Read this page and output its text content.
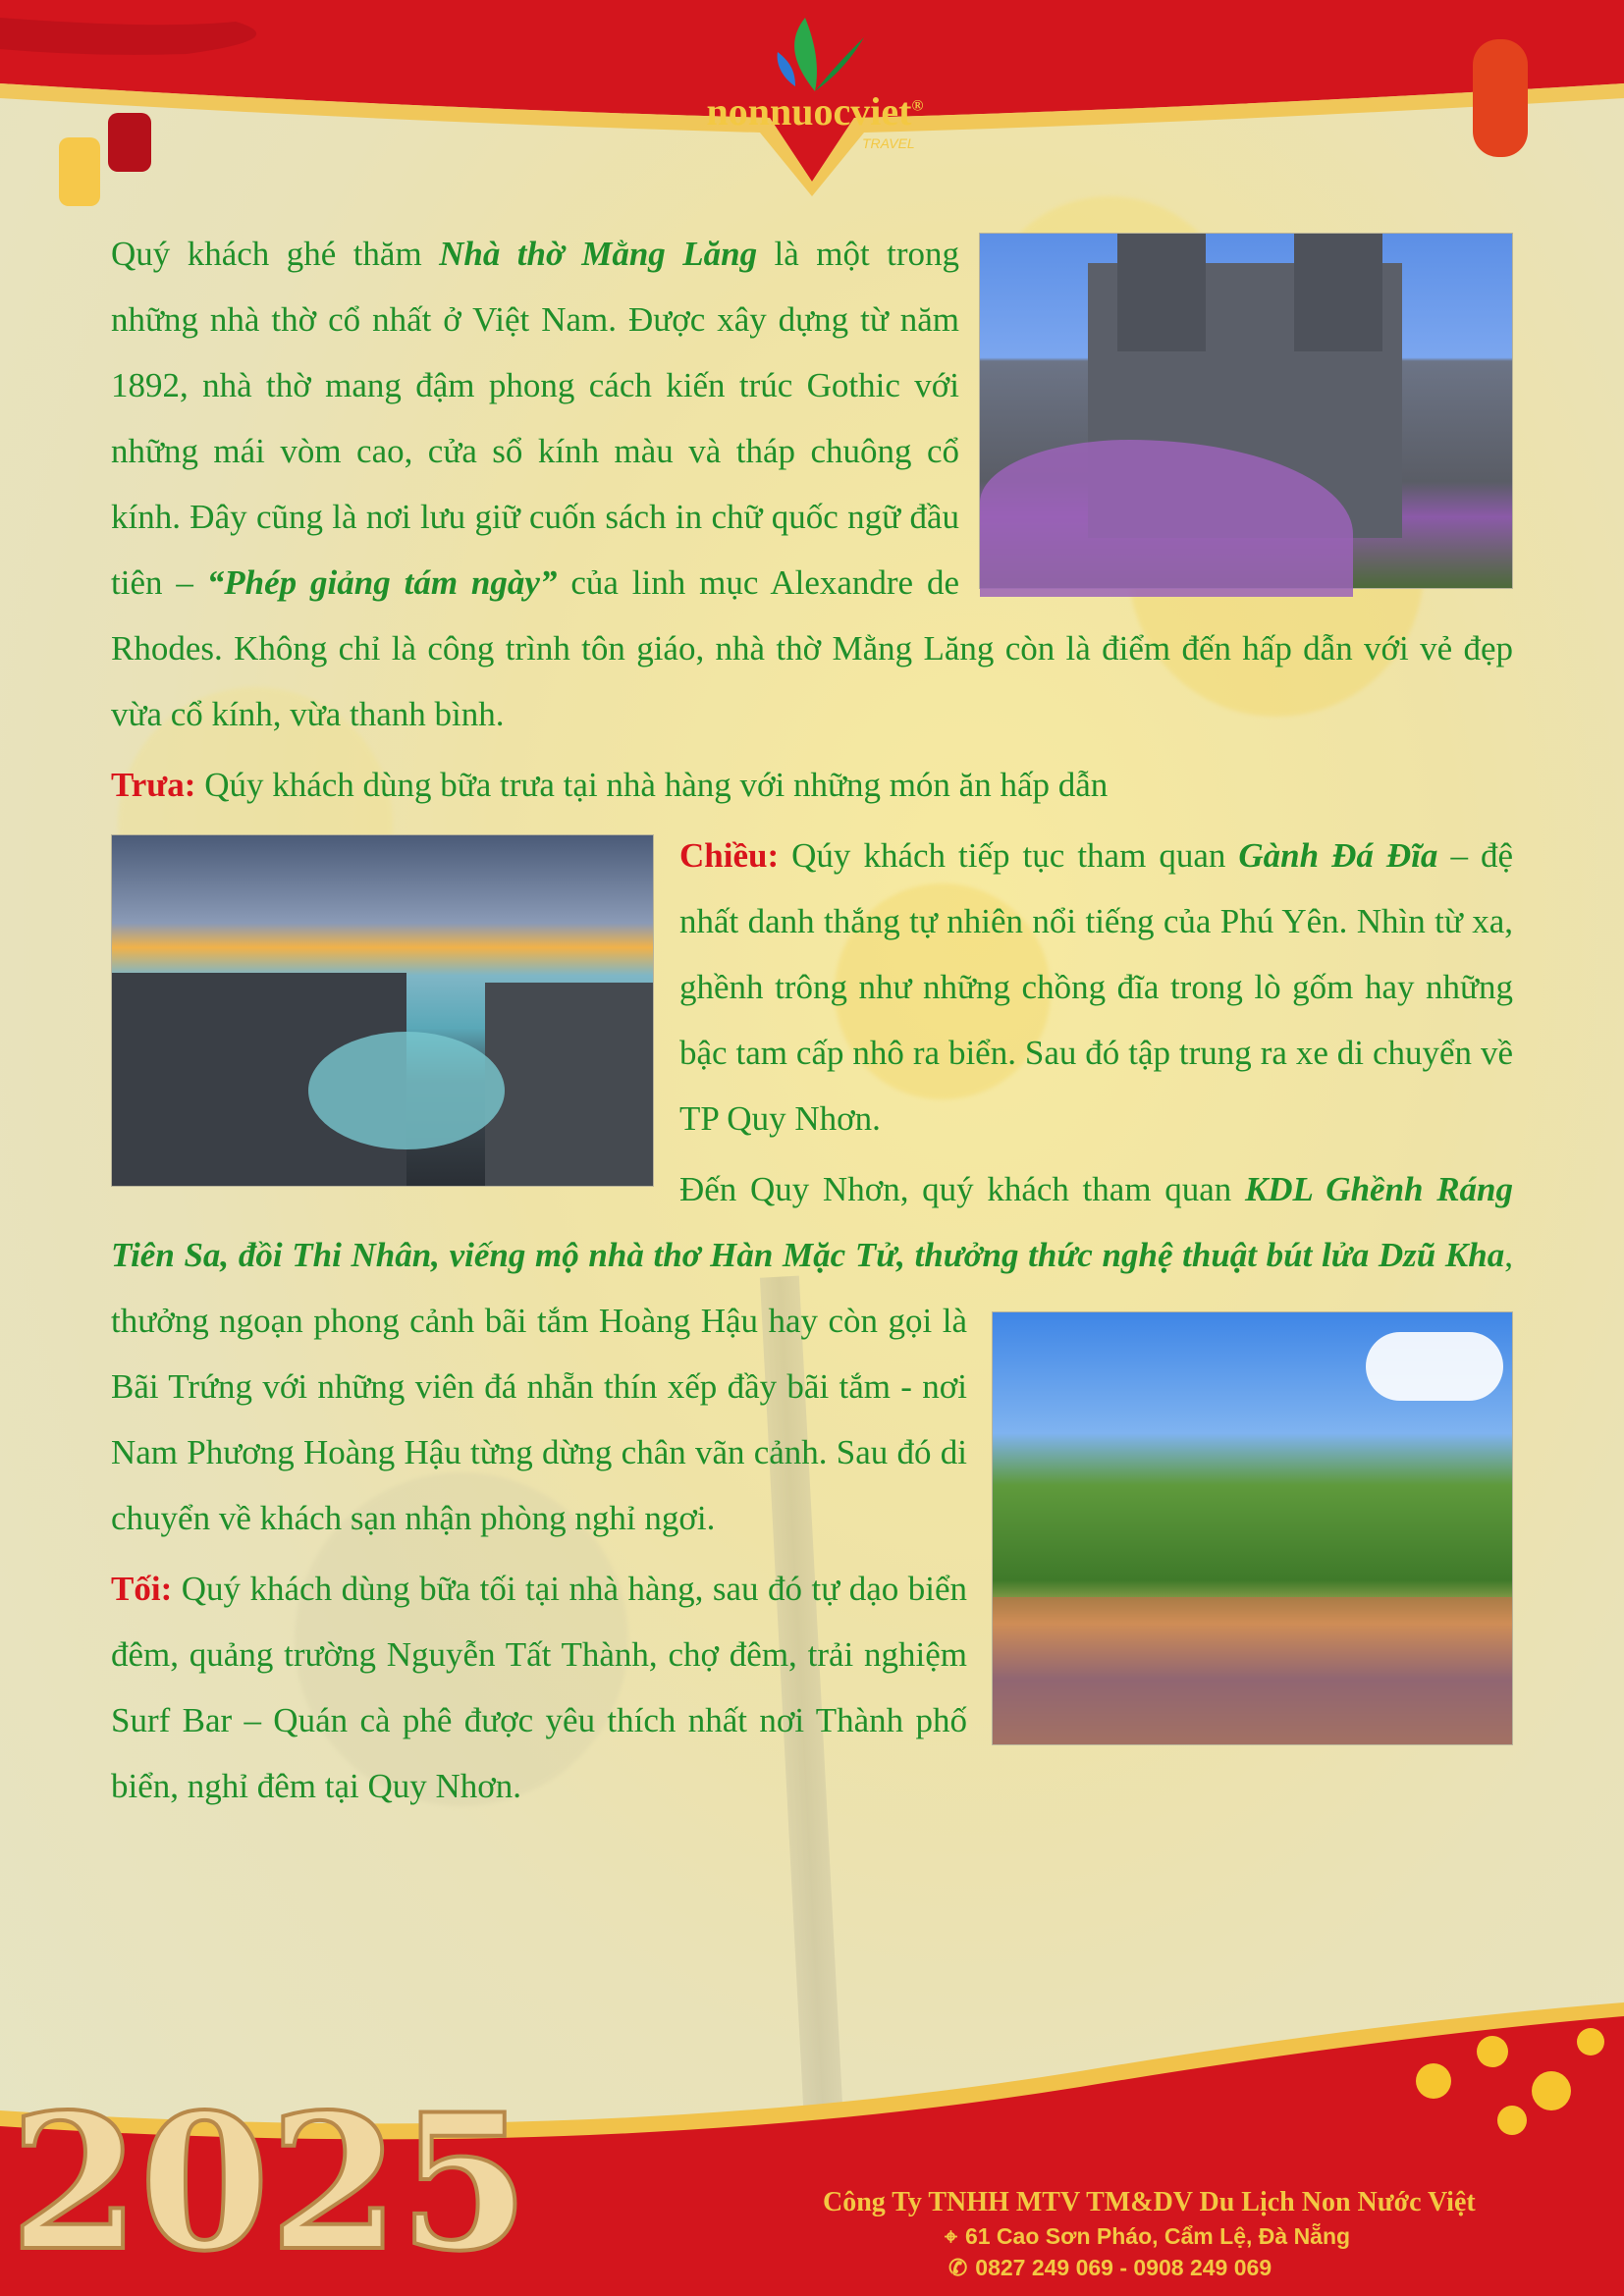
nonnuocviet®
TRAVEL

Quý khách ghé thăm Nhà thờ Mằng Lăng là một trong những nhà thờ cổ nhất ở Việt Nam. Được xây dựng từ năm 1892, nhà thờ mang đậm phong cách kiến trúc Gothic với những mái vòm cao, cửa sổ kính màu và tháp chuông cổ kính. Đây cũng là nơi lưu giữ cuốn sách in chữ quốc ngữ đầu tiên – “Phép giảng tám ngày” của linh mục Alexandre de Rhodes. Không chỉ là công trình tôn giáo, nhà thờ Mằng Lăng còn là điểm đến hấp dẫn với vẻ đẹp vừa cổ kính, vừa thanh bình.

Trưa: Qúy khách dùng bữa trưa tại nhà hàng với những món ăn hấp dẫn

Chiều: Qúy khách tiếp tục tham quan Gành Đá Đĩa
– đệ nhất danh thắng tự nhiên nổi tiếng của Phú Yên. Nhìn từ xa, ghềnh trông như những chồng đĩa trong lò gốm hay những bậc tam cấp nhô ra biển. Sau đó tập trung ra xe di chuyển về TP Quy Nhơn.

Đến Quy Nhơn, quý khách tham quan KDL Ghềnh Ráng Tiên Sa, đồi Thi Nhân, viếng mộ nhà thơ Hàn Mặc Tử, thưởng thức nghệ thuật bút lửa Dzũ Kha
, thưởng ngoạn phong cảnh bãi tắm Hoàng Hậu hay còn gọi là Bãi Trứng với những viên đá nhẵn thín xếp đầy bãi tắm - nơi Nam Phương Hoàng Hậu từng dừng chân vãn cảnh. Sau đó di chuyển về khách sạn nhận phòng nghỉ ngơi.

Tối: Quý khách dùng bữa tối tại nhà hàng, sau đó tự dạo biển đêm, quảng trường Nguyễn Tất Thành, chợ đêm, trải nghiệm Surf Bar – Quán cà phê được yêu thích nhất nơi Thành phố biển, nghỉ đêm tại Quy Nhơn.

2025	Công Ty TNHH MTV TM&DV Du Lịch Non Nước Việt
⌖ 61 Cao Sơn Pháo, Cẩm Lệ, Đà Nẵng
✆ 0827 249 069 - 0908 249 069
